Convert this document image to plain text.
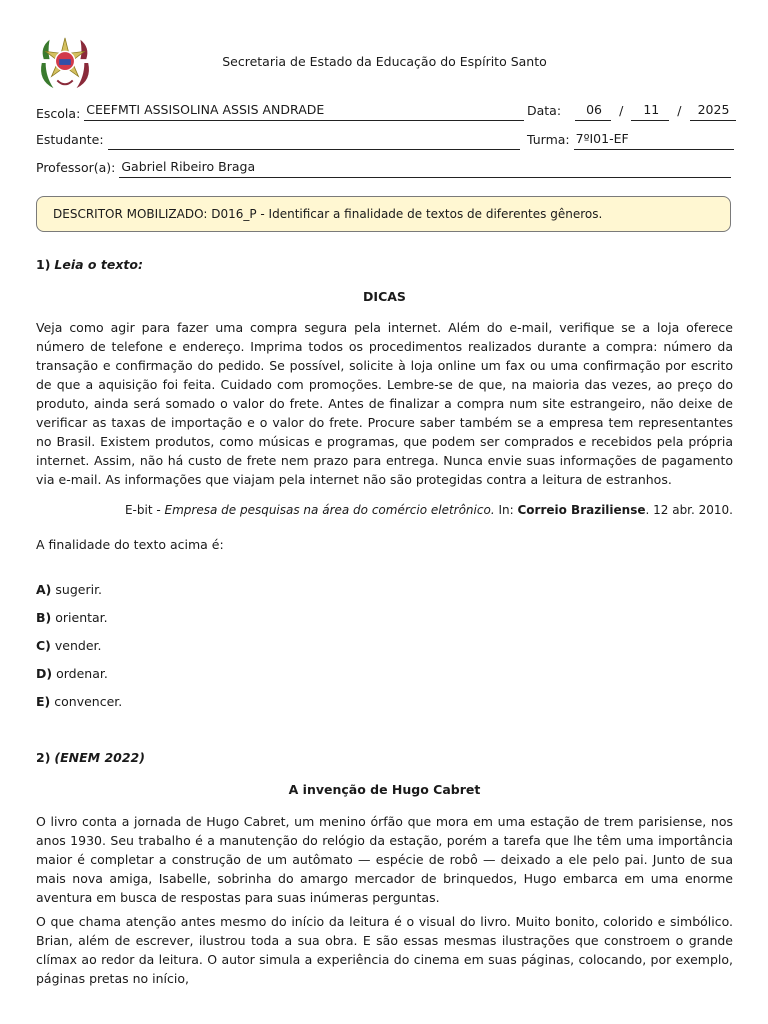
Secretaria de Estado da Educação do Espírito Santo
Escola: CEEFMTI ASSISOLINA ASSIS ANDRADE	Data:	06	/	11	/	2025
Estudante:	Turma: 7ºI01-EF
Professor(a): Gabriel Ribeiro Braga
DESCRITOR MOBILIZADO:
D016_P - Identificar a finalidade de textos de diferentes gêneros.
1) Leia o texto:
DICAS

Veja como agir para fazer uma compra segura pela internet. Além do e-mail, verifique se a loja oferece número de telefone e endereço. Imprima todos os procedimentos realizados durante a compra: número da transação e confirmação do pedido. Se possível, solicite à loja online um fax ou uma confirmação por escrito de que a aquisição foi feita. Cuidado com promoções. Lembre-se de que, na maioria das vezes, ao preço do produto, ainda será somado o valor do frete. Antes de finalizar a compra num site estrangeiro, não deixe de verificar as taxas de importação e o valor do frete. Procure saber também se a empresa tem representantes no Brasil. Existem produtos, como músicas e programas, que podem ser comprados e recebidos pela própria internet. Assim, não há custo de frete nem prazo para entrega. Nunca envie suas informações de pagamento via e-mail. As informações que viajam pela internet não são protegidas contra a leitura de estranhos.

E-bit - Empresa de pesquisas na área do comércio eletrônico. In: Correio Braziliense. 12 abr. 2010.
A finalidade do texto acima é:
A) sugerir.
B) orientar.
C) vender.
D) ordenar.
E) convencer.
2) (ENEM 2022)
A invenção de Hugo Cabret

O livro conta a jornada de Hugo Cabret, um menino órfão que mora em uma estação de trem parisiense, nos anos 1930. Seu trabalho é a manutenção do relógio da estação, porém a tarefa que lhe têm uma importância maior é completar a construção de um autômato — espécie de robô — deixado a ele pelo pai. Junto de sua mais nova amiga, Isabelle, sobrinha do amargo mercador de brinquedos, Hugo embarca em uma enorme aventura em busca de respostas para suas inúmeras perguntas.

O que chama atenção antes mesmo do início da leitura é o visual do livro. Muito bonito, colorido e simbólico. Brian, além de escrever, ilustrou toda a sua obra. E são essas mesmas ilustrações que constroem o grande clímax ao redor da leitura. O autor simula a experiência do cinema em suas páginas, colocando, por exemplo, páginas pretas no início,
